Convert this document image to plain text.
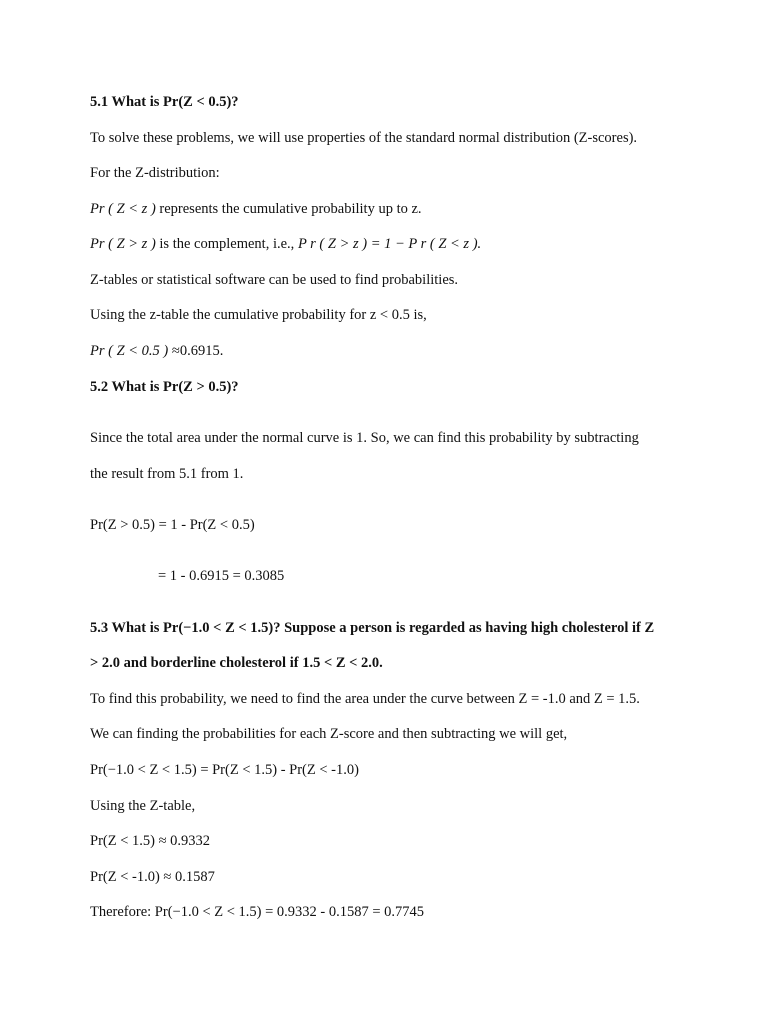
5.1 What is Pr(Z < 0.5)?
To solve these problems, we will use properties of the standard normal distribution (Z-scores).
For the Z-distribution:
Pr ( Z < z ) represents the cumulative probability up to z.
Pr ( Z > z ) is the complement, i.e., P r ( Z > z ) = 1 − P r ( Z < z ).
Z-tables or statistical software can be used to find probabilities.
Using the z-table the cumulative probability for z < 0.5 is,
Pr ( Z < 0.5 ) ≈0.6915.
5.2 What is Pr(Z > 0.5)?
Since the total area under the normal curve is 1. So, we can find this probability by subtracting
the result from 5.1 from 1.
Pr(Z > 0.5) = 1 - Pr(Z < 0.5)
= 1 - 0.6915 = 0.3085
5.3 What is Pr(−1.0 < Z < 1.5)? Suppose a person is regarded as having high cholesterol if Z
> 2.0 and borderline cholesterol if 1.5 < Z < 2.0.
To find this probability, we need to find the area under the curve between Z = -1.0 and Z = 1.5.
We can finding the probabilities for each Z-score and then subtracting we will get,
Pr(−1.0 < Z < 1.5) = Pr(Z < 1.5) - Pr(Z < -1.0)
Using the Z-table,
Pr(Z < 1.5) ≈ 0.9332
Pr(Z < -1.0) ≈ 0.1587
Therefore: Pr(−1.0 < Z < 1.5) = 0.9332 - 0.1587 = 0.7745
